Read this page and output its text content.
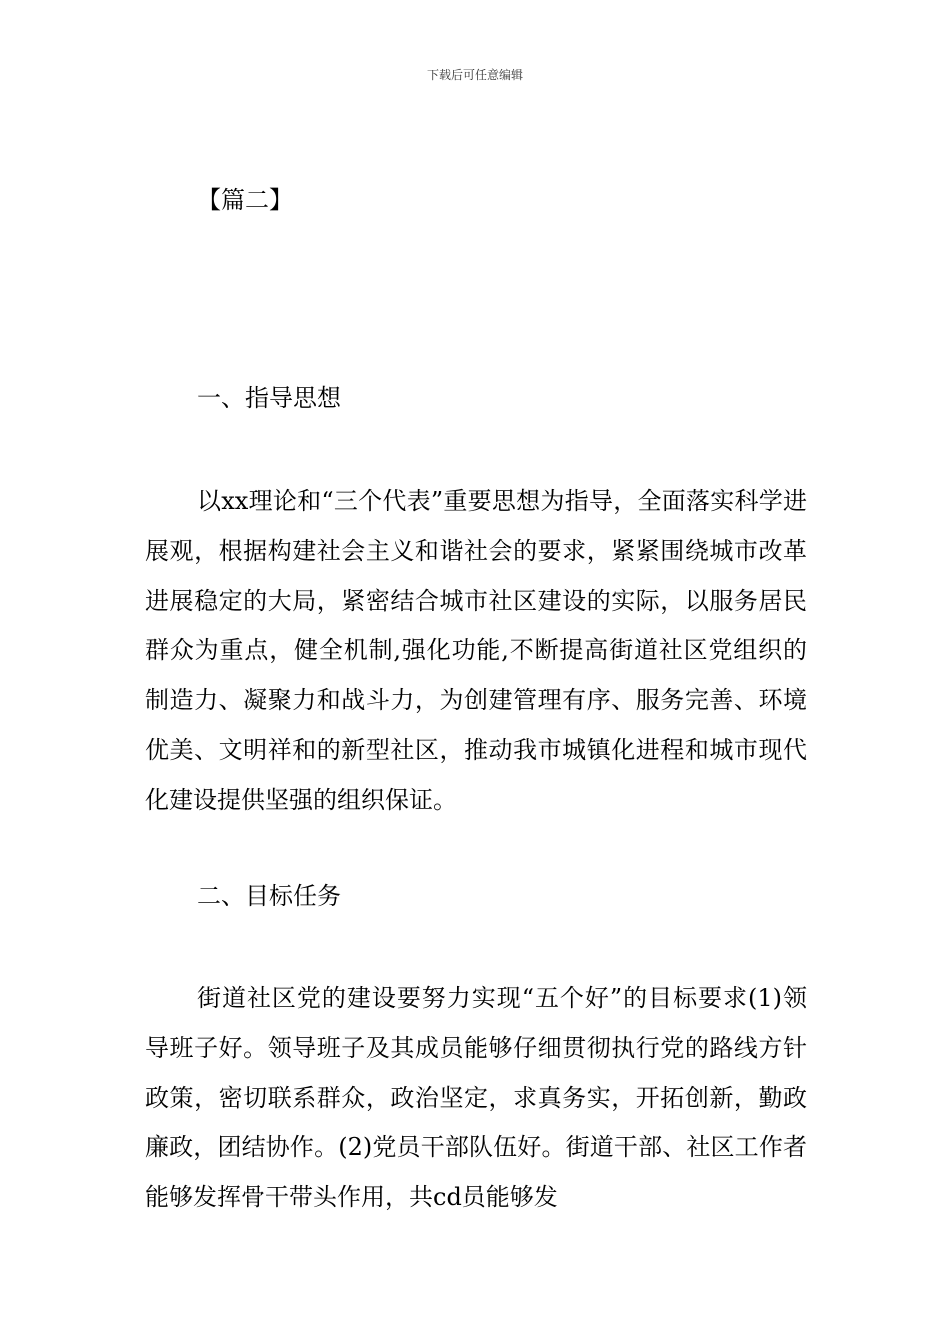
下载后可任意编辑
【篇二】
一、指导思想

以xx理论和“三个代表”重要思想为指导，全面落实科学进展观，根据构建社会主义和谐社会的要求，紧紧围绕城市改革进展稳定的大局，紧密结合城市社区建设的实际，以服务居民群众为重点，健全机制,强化功能,不断提高街道社区党组织的制造力、凝聚力和战斗力，为创建管理有序、服务完善、环境优美、文明祥和的新型社区，推动我市城镇化进程和城市现代化建设提供坚强的组织保证。

二、目标任务

街道社区党的建设要努力实现“五个好”的目标要求(1)领导班子好。领导班子及其成员能够仔细贯彻执行党的路线方针政策，密切联系群众，政治坚定，求真务实，开拓创新，勤政廉政，团结协作。(2)党员干部队伍好。街道干部、社区工作者能够发挥骨干带头作用，共cd员能够发
